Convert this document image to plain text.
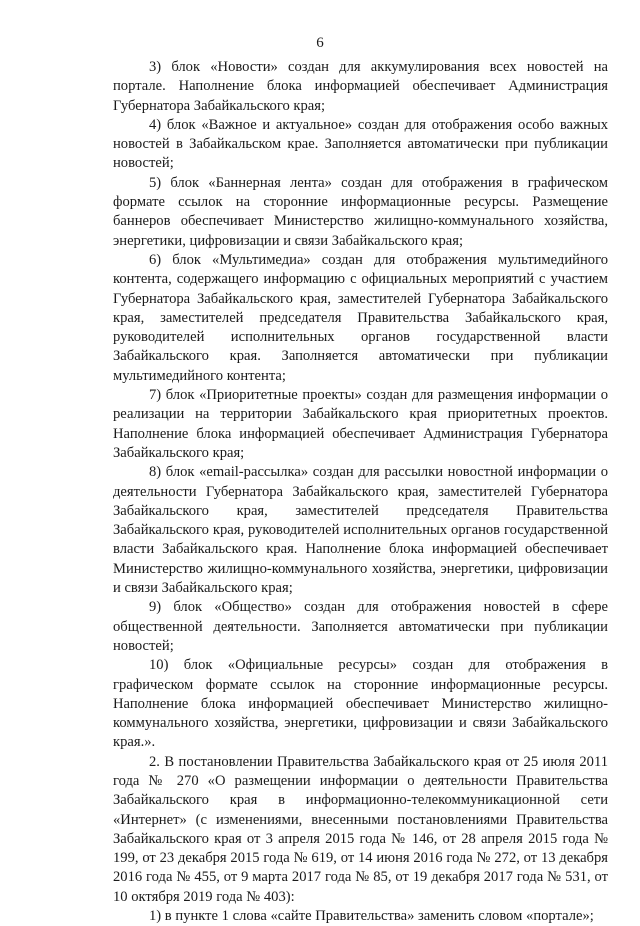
6

3) блок «Новости» создан для аккумулирования всех новостей на портале. Наполнение блока информацией обеспечивает Администрация Губернатора Забайкальского края;

4) блок «Важное и актуальное» создан для отображения особо важных новостей в Забайкальском крае. Заполняется автоматически при публикации новостей;

5) блок «Баннерная лента» создан для отображения в графическом формате ссылок на сторонние информационные ресурсы. Размещение баннеров обеспечивает Министерство жилищно-коммунального хозяйства, энергетики, цифровизации и связи Забайкальского края;

6) блок «Мультимедиа» создан для отображения мультимедийного контента, содержащего информацию с официальных мероприятий с участием Губернатора Забайкальского края, заместителей Губернатора Забайкальского края, заместителей председателя Правительства Забайкальского края, руководителей исполнительных органов государственной власти Забайкальского края. Заполняется автоматически при публикации мультимедийного контента;

7) блок «Приоритетные проекты» создан для размещения информации о реализации на территории Забайкальского края приоритетных проектов. Наполнение блока информацией обеспечивает Администрация Губернатора Забайкальского края;

8) блок «email-рассылка» создан для рассылки новостной информации о деятельности Губернатора Забайкальского края, заместителей Губернатора Забайкальского края, заместителей председателя Правительства Забайкальского края, руководителей исполнительных органов государственной власти Забайкальского края. Наполнение блока информацией обеспечивает Министерство жилищно-коммунального хозяйства, энергетики, цифровизации и связи Забайкальского края;

9) блок «Общество» создан для отображения новостей в сфере общественной деятельности. Заполняется автоматически при публикации новостей;

10) блок «Официальные ресурсы» создан для отображения в графическом формате ссылок на сторонние информационные ресурсы. Наполнение блока информацией обеспечивает Министерство жилищно-коммунального хозяйства, энергетики, цифровизации и связи Забайкальского края.».

2. В постановлении Правительства Забайкальского края от 25 июля 2011 года № 270 «О размещении информации о деятельности Правительства Забайкальского края в информационно-телекоммуникационной сети «Интернет» (с изменениями, внесенными постановлениями Правительства Забайкальского края от 3 апреля 2015 года № 146, от 28 апреля 2015 года № 199, от 23 декабря 2015 года № 619, от 14 июня 2016 года № 272, от 13 декабря 2016 года № 455, от 9 марта 2017 года № 85, от 19 декабря 2017 года № 531, от 10 октября 2019 года № 403):

1) в пункте 1 слова «сайте Правительства» заменить словом «портале»;
